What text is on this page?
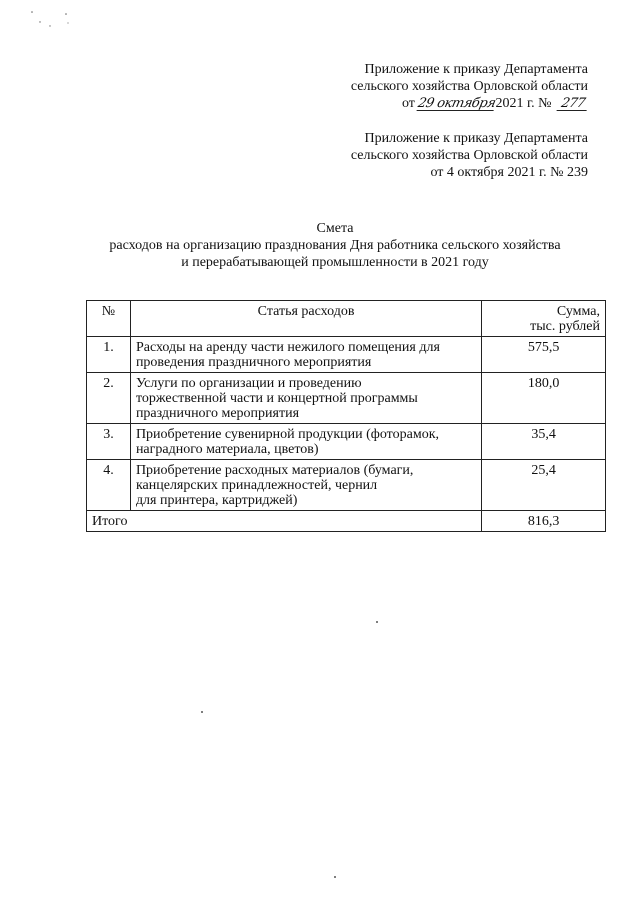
Приложение к приказу Департамента
сельского хозяйства Орловской области
от 29 октября2021 г. № 277
Приложение к приказу Департамента
сельского хозяйства Орловской области
от 4 октября 2021 г. № 239
Смета
расходов на организацию празднования Дня работника сельского хозяйства
и перерабатывающей промышленности в 2021 году
№	Статья расходов	Сумма,
тыс. рублей
1.	Расходы на аренду части нежилого помещения для
проведения праздничного мероприятия	575,5
2.	Услуги по организации и проведению
торжественной части и концертной программы
праздничного мероприятия	180,0
3.	Приобретение сувенирной продукции (фоторамок,
наградного материала, цветов)	35,4
4.	Приобретение расходных материалов (бумаги,
канцелярских принадлежностей, чернил
для принтера, картриджей)	25,4
Итого		816,3
